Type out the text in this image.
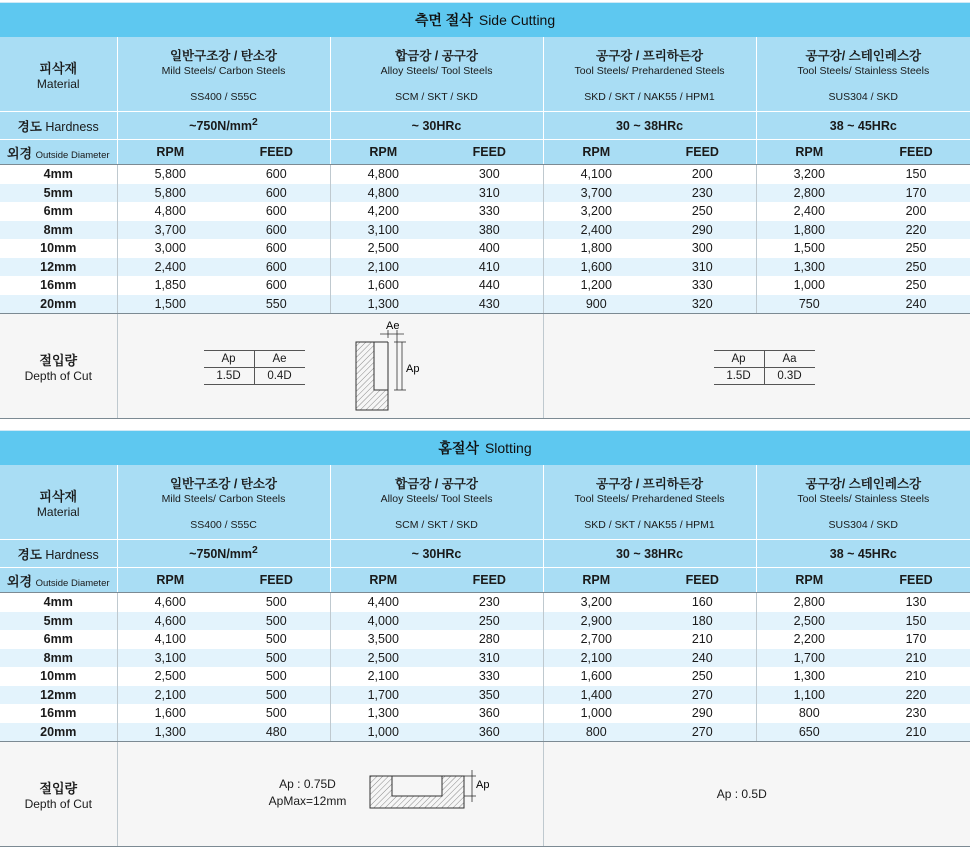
측면 절삭 Side Cutting
피삭재
Material	일반구조강 / 탄소강
Mild Steels/ Carbon Steels
SS400 / S55C		합금강 / 공구강
Alloy Steels/ Tool Steels
SCM / SKT / SKD		공구강 / 프리하든강
Tool Steels/ Prehardened Steels
SKD / SKT / NAK55 / HPM1		공구강/ 스테인레스강
Tool Steels/ Stainless Steels
SUS304 / SKD	

경도 Hardness	$\sim 750N/mm^2$		~ 30HRc		30 ~ 38HRc		38 ~ 45HRc	
외경 Outside Diameter	RPM	FEED	RPM	FEED	RPM	FEED	RPM	FEED
4mm	5,800	600	4,800	300	4,100	200	3,200	150
5mm	5,800	600	4,800	310	3,700	230	2,800	170
6mm	4,800	600	4,200	330	3,200	250	2,400	200
8mm	3,700	600	3,100	380	2,400	290	1,800	220
10mm	3,000	600	2,500	400	1,800	300	1,500	250
12mm	2,400	600	2,100	410	1,600	310	1,300	250
16mm	1,850	600	1,600	440	1,200	330	1,000	250
20mm	1,500	550	1,300	430	900	320	750	240
절입량
Depth of Cut

Ap	Ae
1.5D	0.4D
Ae
Ap

Ap	Aa
1.5D	0.3D
홈절삭 Slotting
피삭재
Material	일반구조강 / 탄소강
Mild Steels/ Carbon Steels
SS400 / S55C		합금강 / 공구강
Alloy Steels/ Tool Steels
SCM / SKT / SKD		공구강 / 프리하든강
Tool Steels/ Prehardened Steels
SKD / SKT / NAK55 / HPM1		공구강/ 스테인레스강
Tool Steels/ Stainless Steels
SUS304 / SKD	

경도 Hardness	$\sim 750N/mm^2$		~ 30HRc		30 ~ 38HRc		38 ~ 45HRc	
외경 Outside Diameter	RPM	FEED	RPM	FEED	RPM	FEED	RPM	FEED
4mm	4,600	500	4,400	230	3,200	160	2,800	130
5mm	4,600	500	4,000	250	2,900	180	2,500	150
6mm	4,100	500	3,500	280	2,700	210	2,200	170
8mm	3,100	500	2,500	310	2,100	240	1,700	210
10mm	2,500	500	2,100	330	1,600	250	1,300	210
12mm	2,100	500	1,700	350	1,400	270	1,100	220
16mm	1,600	500	1,300	360	1,000	290	800	230
20mm	1,300	480	1,000	360	800	270	650	210
절입량
Depth of Cut

Ap : 0.75D
ApMax=12mm
Ap

Ap : 0.5D
